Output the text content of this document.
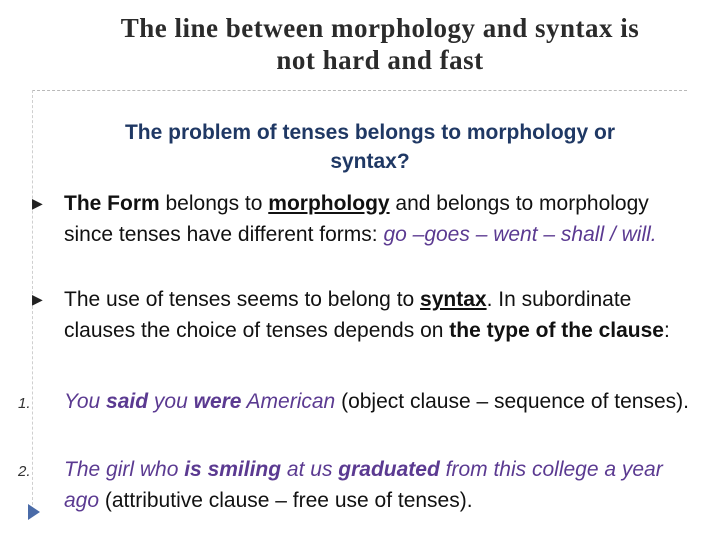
The line between morphology and syntax is
not hard and fast
The problem of tenses belongs to morphology or
syntax?
▶ The Form belongs to morphology and belongs to morphology since tenses have different forms: go –goes – went – shall / will.
▶ The use of tenses seems to belong to syntax. In subordinate clauses the choice of tenses depends on the type of the clause:
1. You said you were American (object clause – sequence of tenses).
2. The girl who is smiling at us graduated from this college a year ago (attributive clause – free use of tenses).
